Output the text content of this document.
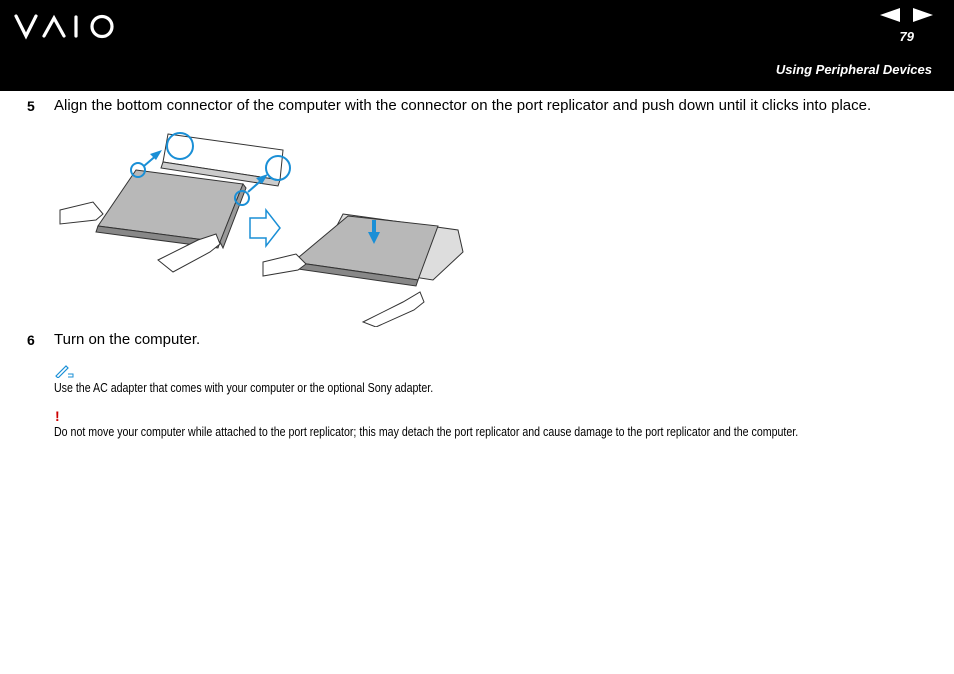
79
Using Peripheral Devices
5 Align the bottom connector of the computer with the connector on the port replicator and push down until it clicks into place.
6 Turn on the computer.
Use the AC adapter that comes with your computer or the optional Sony adapter.
!
Do not move your computer while attached to the port replicator; this may detach the port replicator and cause damage to the port replicator and the computer.
